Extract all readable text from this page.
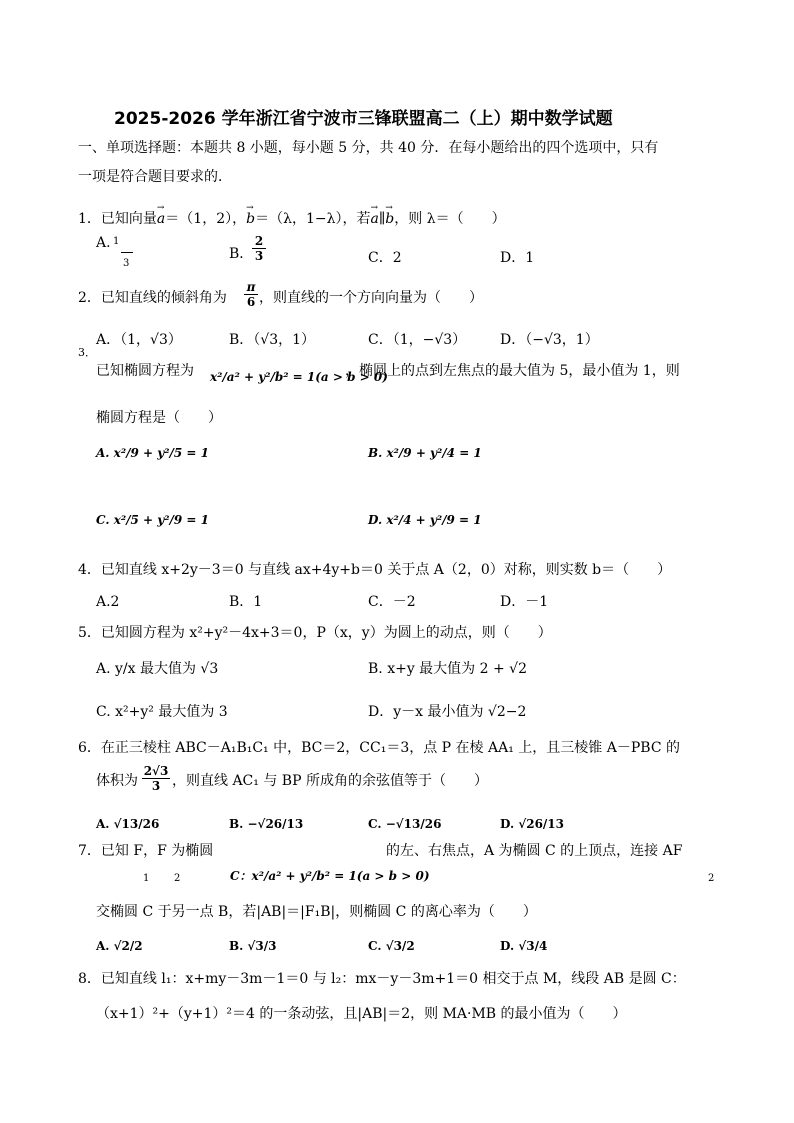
2025-2026 学年浙江省宁波市三锋联盟高二（上）期中数学试题
一、单项选择题：本题共 8 小题，每小题 5 分，共 40 分．在每小题给出的四个选项中，只有
一项是符合题目要求的．
1．已知向量→ a＝（1，2），→ b＝（λ，1−λ），若→ a∥→ b，则 λ＝（　　）
A. 1
3
B．
2
3	C．2	D．1
2．已知直线的倾斜角为
π
6 ，则直线的一个方向向量为（　　）
A．（1，√3）	B．（√3，1）	C．（1，−√3） D．（−√3，1）
3．
已知椭圆方程为 x²/a² + y²/b² = 1(a > b > 0)
，椭圆上的点到左焦点的最大值为 5，最小值为 1，则
椭圆方程是（　　）
A. x²/9 + y²/5 = 1	B. x²/9 + y²/4 = 1
C. x²/5 + y²/9 = 1	D. x²/4 + y²/9 = 1
4．已知直线 x+2y－3＝0 与直线 ax+4y+b＝0 关于点 A（2，0）对称，则实数 b＝（　　）
A.2	B．1	C．－2	D．－1
5．已知圆方程为 x²+y²－4x+3＝0，P（x，y）为圆上的动点，则（　　）
A. y/x 最大值为 √3	B. x+y 最大值为 2 + √2
C. x²+y² 最大值为 3	D．y－x 最小值为 √2−2
6．在正三棱柱 ABC－A₁B₁C₁ 中，BC＝2，CC₁＝3，点 P 在棱 AA₁ 上，且三棱锥 A－PBC 的
体积为
2√3
3 ，则直线 AC₁ 与 BP 所成角的余弦值等于（　　）
A. √13/26	B. −√26/13	C. −√13/26	D. √26/13
7．已知 F，F 为椭圆
1 2	C：x²/a² + y²/b² = 1(a > b > 0)
的左、右焦点，A 为椭圆 C 的上顶点，连接 AF
2
交椭圆 C 于另一点 B，若|AB|＝|F₁B|，则椭圆 C 的离心率为（　　）
A. √2/2	B. √3/3	C. √3/2	D. √3/4
8．已知直线 l₁：x+my－3m－1＝0 与 l₂：mx－y－3m+1＝0 相交于点 M，线段 AB 是圆 C：
（x+1）²+（y+1）²＝4 的一条动弦，且|AB|＝2，则 MA·MB 的最小值为（　　）
